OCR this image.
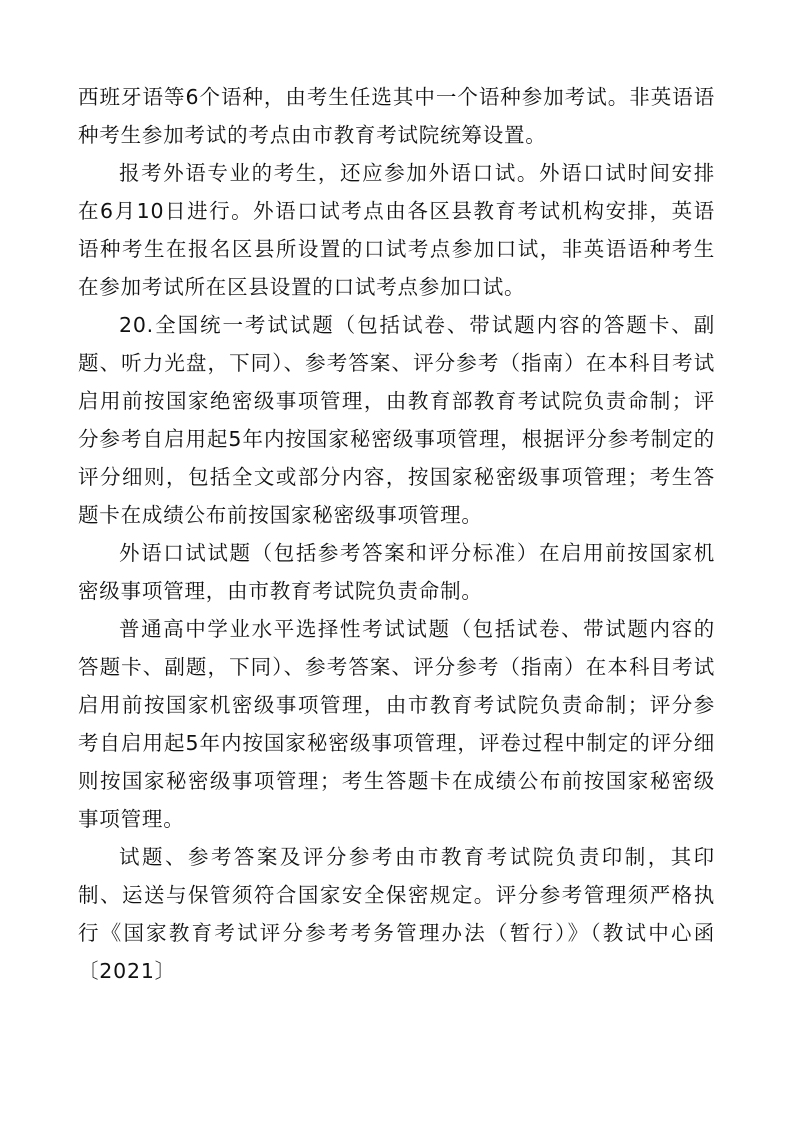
西班牙语等6个语种，由考生任选其中一个语种参加考试。非英语语种考生参加考试的考点由市教育考试院统筹设置。

报考外语专业的考生，还应参加外语口试。外语口试时间安排在6月10日进行。外语口试考点由各区县教育考试机构安排，英语语种考生在报名区县所设置的口试考点参加口试，非英语语种考生在参加考试所在区县设置的口试考点参加口试。

20.全国统一考试试题（包括试卷、带试题内容的答题卡、副题、听力光盘，下同）、参考答案、评分参考（指南）在本科目考试启用前按国家绝密级事项管理，由教育部教育考试院负责命制；评分参考自启用起5年内按国家秘密级事项管理，根据评分参考制定的评分细则，包括全文或部分内容，按国家秘密级事项管理；考生答题卡在成绩公布前按国家秘密级事项管理。

外语口试试题（包括参考答案和评分标准）在启用前按国家机密级事项管理，由市教育考试院负责命制。

普通高中学业水平选择性考试试题（包括试卷、带试题内容的答题卡、副题，下同）、参考答案、评分参考（指南）在本科目考试启用前按国家机密级事项管理，由市教育考试院负责命制；评分参考自启用起5年内按国家秘密级事项管理，评卷过程中制定的评分细则按国家秘密级事项管理；考生答题卡在成绩公布前按国家秘密级事项管理。

试题、参考答案及评分参考由市教育考试院负责印制，其印制、运送与保管须符合国家安全保密规定。评分参考管理须严格执行《国家教育考试评分参考考务管理办法（暂行）》（教试中心函〔2021〕
